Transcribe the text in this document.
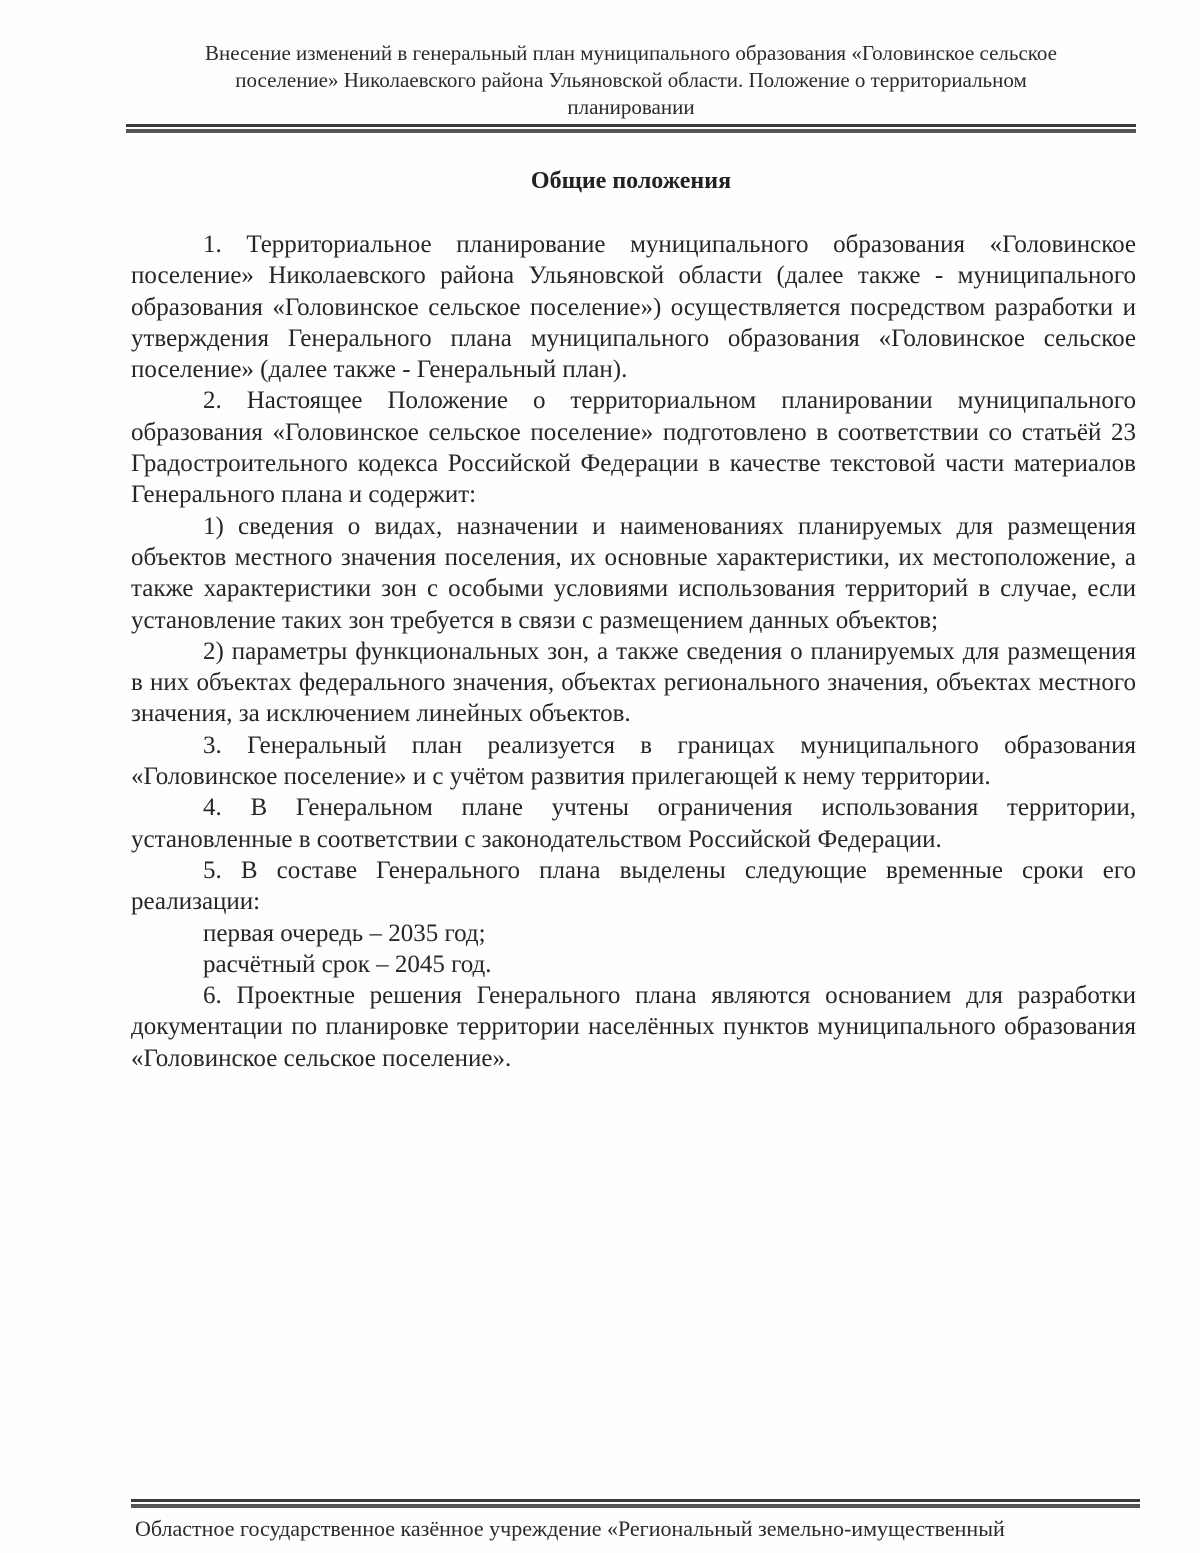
Внесение изменений в генеральный план муниципального образования «Головинское сельское
поселение» Николаевского района Ульяновской области. Положение о территориальном
планировании
Общие положения

1. Территориальное планирование муниципального образования «Головинское поселение» Николаевского района Ульяновской области (далее также - муниципального образования «Головинское сельское поселение») осуществляется посредством разработки и утверждения Генерального плана муниципального образования «Головинское сельское поселение» (далее также - Генеральный план).

2. Настоящее Положение о территориальном планировании муниципального образования «Головинское сельское поселение» подготовлено в соответствии со статьёй 23 Градостроительного кодекса Российской Федерации в качестве текстовой части материалов Генерального плана и содержит:

1) сведения о видах, назначении и наименованиях планируемых для размещения объектов местного значения поселения, их основные характеристики, их местоположение, а также характеристики зон с особыми условиями использования территорий в случае, если установление таких зон требуется в связи с размещением данных объектов;

2) параметры функциональных зон, а также сведения о планируемых для размещения в них объектах федерального значения, объектах регионального значения, объектах местного значения, за исключением линейных объектов.

3. Генеральный план реализуется в границах муниципального образования «Головинское поселение» и с учётом развития прилегающей к нему территории.

4. В Генеральном плане учтены ограничения использования территории, установленные в соответствии с законодательством Российской Федерации.

5. В составе Генерального плана выделены следующие временные сроки его реализации:

первая очередь – 2035 год;

расчётный срок – 2045 год.

6. Проектные решения Генерального плана являются основанием для разработки документации по планировке территории населённых пунктов муниципального образования «Головинское сельское поселение».

Областное государственное казённое учреждение «Региональный земельно-имущественный
